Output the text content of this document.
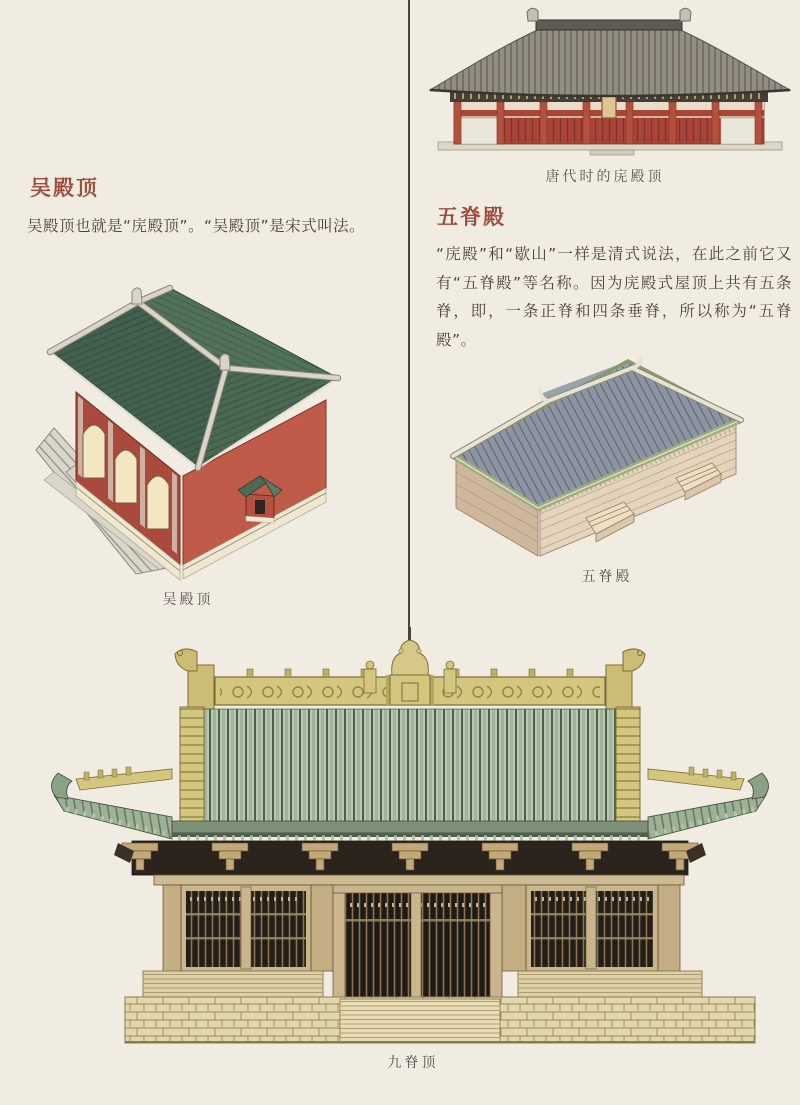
唐代时的庑殿顶
吴殿顶
吴殿顶也就是“庑殿顶”。“吴殿顶”是宋式叫法。	五脊殿
“庑殿”和“歇山”一样是清式说法，在此之前它又有“五脊殿”等名称。因为庑殿式屋顶上共有五条脊，即，一条正脊和四条垂脊，所以称为“五脊殿”。
吴殿顶
五脊殿
九脊顶
